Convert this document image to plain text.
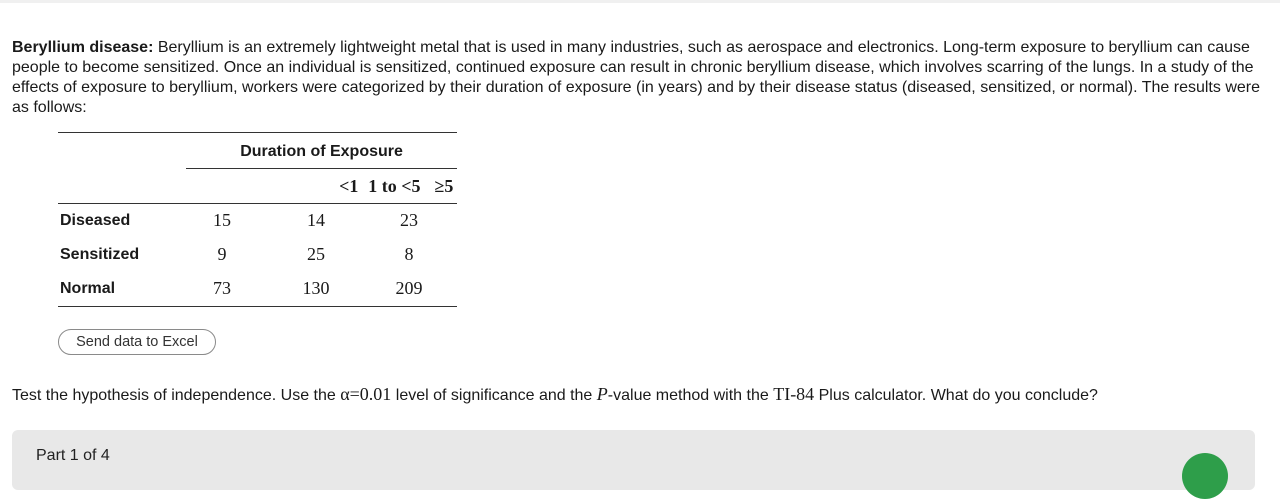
Beryllium disease: Beryllium is an extremely lightweight metal that is used in many industries, such as aerospace and electronics. Long-term exposure to beryllium can cause people to become sensitized. Once an individual is sensitized, continued exposure can result in chronic beryllium disease, which involves scarring of the lungs. In a study of the effects of exposure to beryllium, workers were categorized by their duration of exposure (in years) and by their disease status (diseased, sensitized, or normal). The results were as follows:

	Duration of Exposure		
	<1	1 to <5	≥5
Diseased	15	14	23
Sensitized	9	25	8
Normal	73	130	209
Send data to Excel

Test the hypothesis of independence. Use the α=0.01 level of significance and the P-value method with the TI-84 Plus calculator. What do you conclude?

Part 1 of 4
